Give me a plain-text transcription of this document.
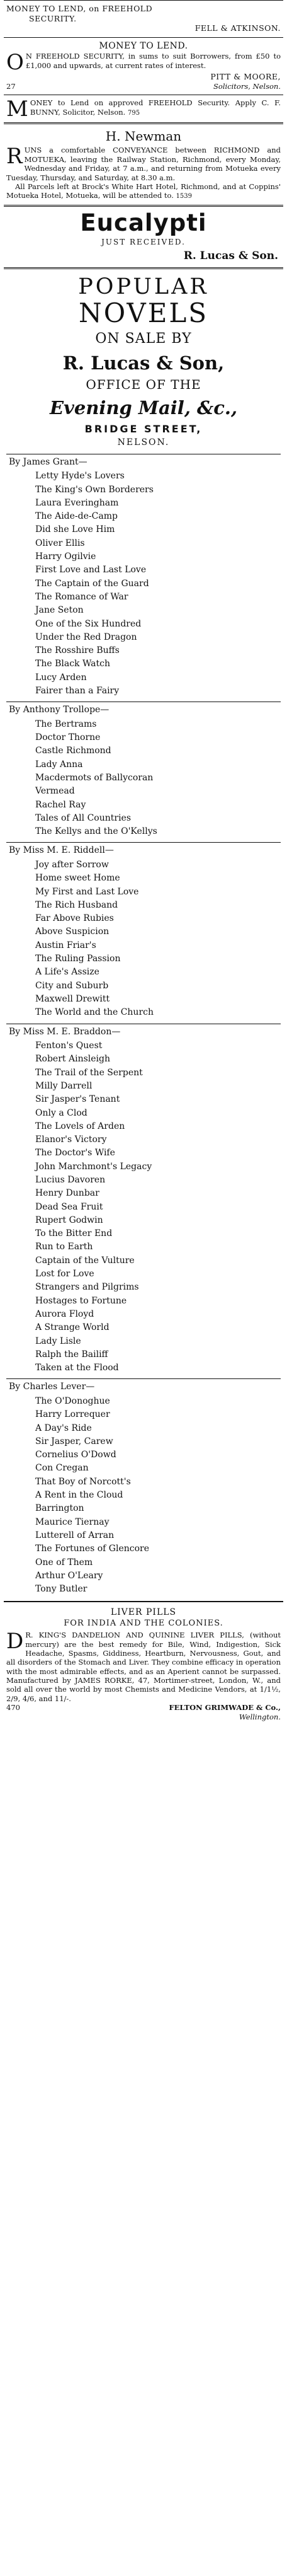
MONEY TO LEND, on FREEHOLD
SECURITY.
FELL & ATKINSON.
MONEY TO LEND.
O N FREEHOLD SECURITY, in sums to suit Borrowers, from £50 to £1,000 and upwards, at current rates of interest.
PITT & MOORE,
27	Solicitors, Nelson.
M ONEY to Lend on approved FREEHOLD Security. Apply C. F. BUNNY, Solicitor, Nelson. 795
H. Newman
R UNS a comfortable CONVEYANCE between RICHMOND and MOTUEKA, leaving the Railway Station, Richmond, every Monday, Wednesday and Friday, at 7 a.m., and returning from Motueka every Tuesday, Thursday, and Saturday, at 8.30 a.m.
All Parcels left at Brock's White Hart Hotel, Richmond, and at Coppins' Motueka Hotel, Motueka, will be attended to. 1539
Eucalypti
JUST RECEIVED.
R. Lucas & Son.
POPULAR
NOVELS
ON SALE BY
R. Lucas & Son,
OFFICE OF THE
Evening Mail, &c.,
BRIDGE STREET,
NELSON.
By James Grant—
Letty Hyde's Lovers
The King's Own Borderers
Laura Everingham
The Aide-de-Camp
Did she Love Him
Oliver Ellis
Harry Ogilvie
First Love and Last Love
The Captain of the Guard
The Romance of War
Jane Seton
One of the Six Hundred
Under the Red Dragon
The Rosshire Buffs
The Black Watch
Lucy Arden
Fairer than a Fairy
By Anthony Trollope—
The Bertrams
Doctor Thorne
Castle Richmond
Lady Anna
Macdermots of Ballycoran
Vermead
Rachel Ray
Tales of All Countries
The Kellys and the O'Kellys
By Miss M. E. Riddell—
Joy after Sorrow
Home sweet Home
My First and Last Love
The Rich Husband
Far Above Rubies
Above Suspicion
Austin Friar's
The Ruling Passion
A Life's Assize
City and Suburb
Maxwell Drewitt
The World and the Church
By Miss M. E. Braddon—
Fenton's Quest
Robert Ainsleigh
The Trail of the Serpent
Milly Darrell
Sir Jasper's Tenant
Only a Clod
The Lovels of Arden
Elanor's Victory
The Doctor's Wife
John Marchmont's Legacy
Lucius Davoren
Henry Dunbar
Dead Sea Fruit
Rupert Godwin
To the Bitter End
Run to Earth
Captain of the Vulture
Lost for Love
Strangers and Pilgrims
Hostages to Fortune
Aurora Floyd
A Strange World
Lady Lisle
Ralph the Bailiff
Taken at the Flood
By Charles Lever—
The O'Donoghue
Harry Lorrequer
A Day's Ride
Sir Jasper, Carew
Cornelius O'Dowd
Con Cregan
That Boy of Norcott's
A Rent in the Cloud
Barrington
Maurice Tiernay
Lutterell of Arran
The Fortunes of Glencore
One of Them
Arthur O'Leary
Tony Butler
LIVER PILLS
FOR INDIA AND THE COLONIES.
D R. KING'S DANDELION AND QUININE LIVER PILLS, (without mercury) are the best remedy for Bile, Wind, Indigestion, Sick Headache, Spasms, Giddiness, Heartburn, Nervousness, Gout, and all disorders of the Stomach and Liver. They combine efficacy in operation with the most admirable effects, and as an Aperient cannot be surpassed. Manufactured by JAMES RORKE, 47, Mortimer-street, London, W., and sold all over the world by most Chemists and Medicine Vendors, at 1/1½, 2/9, 4/6, and 11/-.
470	FELTON GRIMWADE & Co.,
Wellington.
